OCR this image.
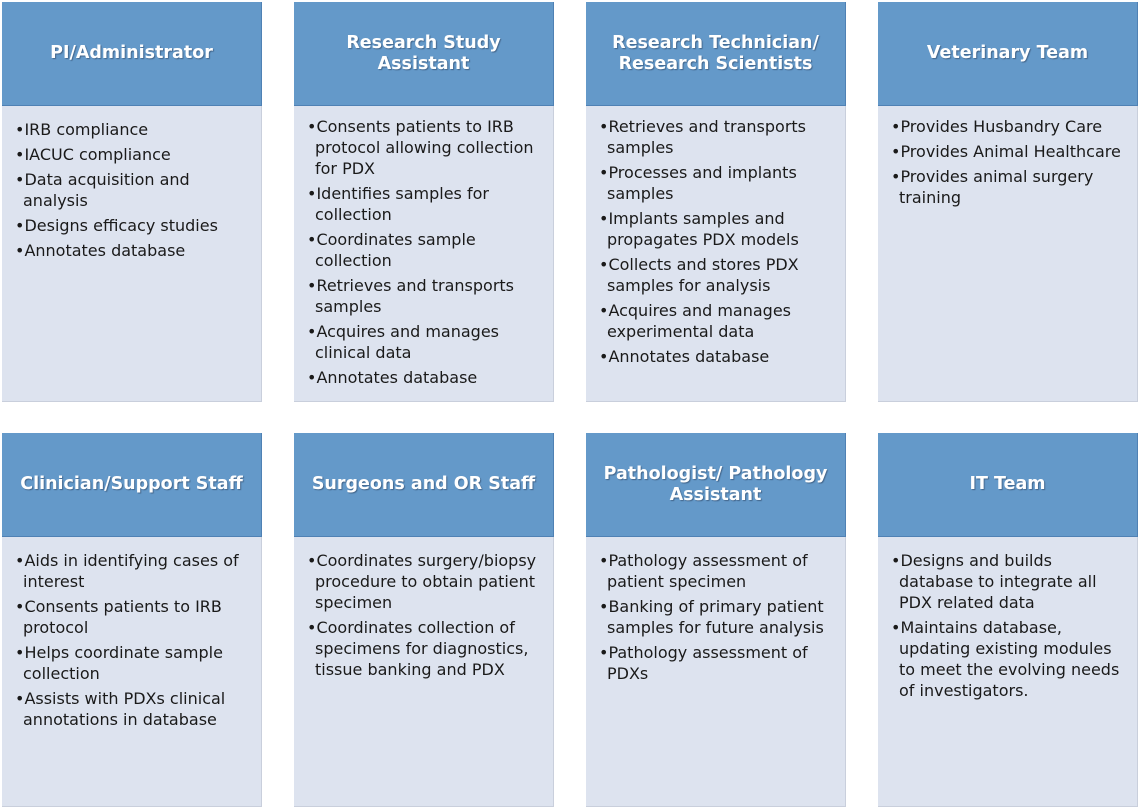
PI/Administrator
• IRB compliance
• IACUC compliance
• Data acquisition and analysis
• Designs efficacy studies
• Annotates database
Research Study Assistant
• Consents patients to IRB protocol allowing collection for PDX
• Identifies samples for collection
• Coordinates sample collection
• Retrieves and transports samples
• Acquires and manages clinical data
• Annotates database
Research Technician/ Research Scientists
• Retrieves and transports samples
• Processes and implants samples
• Implants samples and propagates PDX models
• Collects and stores PDX samples for analysis
• Acquires and manages experimental data
• Annotates database
Veterinary Team
• Provides Husbandry Care
• Provides Animal Healthcare
• Provides animal surgery training
Clinician/Support Staff
• Aids in identifying cases of interest
• Consents patients to IRB protocol
• Helps coordinate sample collection
• Assists with PDXs clinical annotations in database
Surgeons and OR Staff
• Coordinates surgery/biopsy procedure to obtain patient specimen
• Coordinates collection of specimens for diagnostics, tissue banking and PDX
Pathologist/ Pathology Assistant
• Pathology assessment of patient specimen
• Banking of primary patient samples for future analysis
• Pathology assessment of PDXs
IT Team
• Designs and builds database to integrate all PDX related data
• Maintains database, updating existing modules to meet the evolving needs of investigators.
